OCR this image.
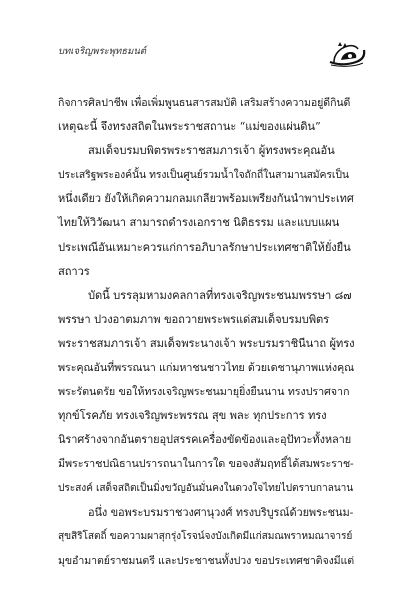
บทเจริญพระพุทธมนต์
กิจการศิลปาชีพ เพื่อเพิ่มพูนธนสารสมบัติ เสริมสร้างความอยู่ดีกินดี
เหตุฉะนี้ จึงทรงสถิตในพระราชสถานะ “แม่ของแผ่นดิน”
สมเด็จบรมบพิตรพระราชสมภารเจ้า ผู้ทรงพระคุณอัน
ประเสริฐพระองค์นั้น ทรงเป็นศูนย์รวมน้ำใจถักถี่ในสามานสมัครเป็น
หนึ่งเดียว ยังให้เกิดความกลมเกลียวพร้อมเพรียงกันนำพาประเทศ
ไทยให้วิวัฒนา สามารถดำรงเอกราช นิติธรรม และแบบแผน
ประเพณีอันเหมาะควรแก่การอภิบาลรักษาประเทศชาติให้ยั่งยืน
สถาวร
บัดนี้ บรรลุมหามงคลกาลที่ทรงเจริญพระชนมพรรษา ๘๗
พรรษา ปวงอาตมภาพ ขอถวายพระพรแด่สมเด็จบรมบพิตร
พระราชสมภารเจ้า สมเด็จพระนางเจ้า พระบรมราชินีนาถ ผู้ทรง
พระคุณอันที่พรรณนา แก่มหาชนชาวไทย ด้วยเดชานุภาพแห่งคุณ
พระรัตนตรัย ขอให้ทรงเจริญพระชนมายุยิ่งยืนนาน ทรงปราศจาก
ทุกข์โรคภัย ทรงเจริญพระพรรณ สุข พละ ทุกประการ ทรง
นิราศร้างจากอันตรายอุปสรรคเครื่องขัดข้องและอุปัทวะทั้งหลาย
มีพระราชปณิธานปรารถนาในการใด ขอจงสัมฤทธิ์ได้สมพระราช-
ประสงค์ เสด็จสถิตเป็นมิ่งขวัญอันมั่นคงในดวงใจไทยไปตราบกาลนาน
อนึ่ง ขอพระบรมราชวงศานุวงศ์ ทรงบริบูรณ์ด้วยพระชนม-
สุขสิริโสตถิ์ ขอความผาสุกรุ่งโรจน์จงบังเกิดมีแก่สมณพราหมณาจารย์
มุขอำมาตย์ราชมนตรี และประชาชนทั้งปวง ขอประเทศชาติจงมีแต่
